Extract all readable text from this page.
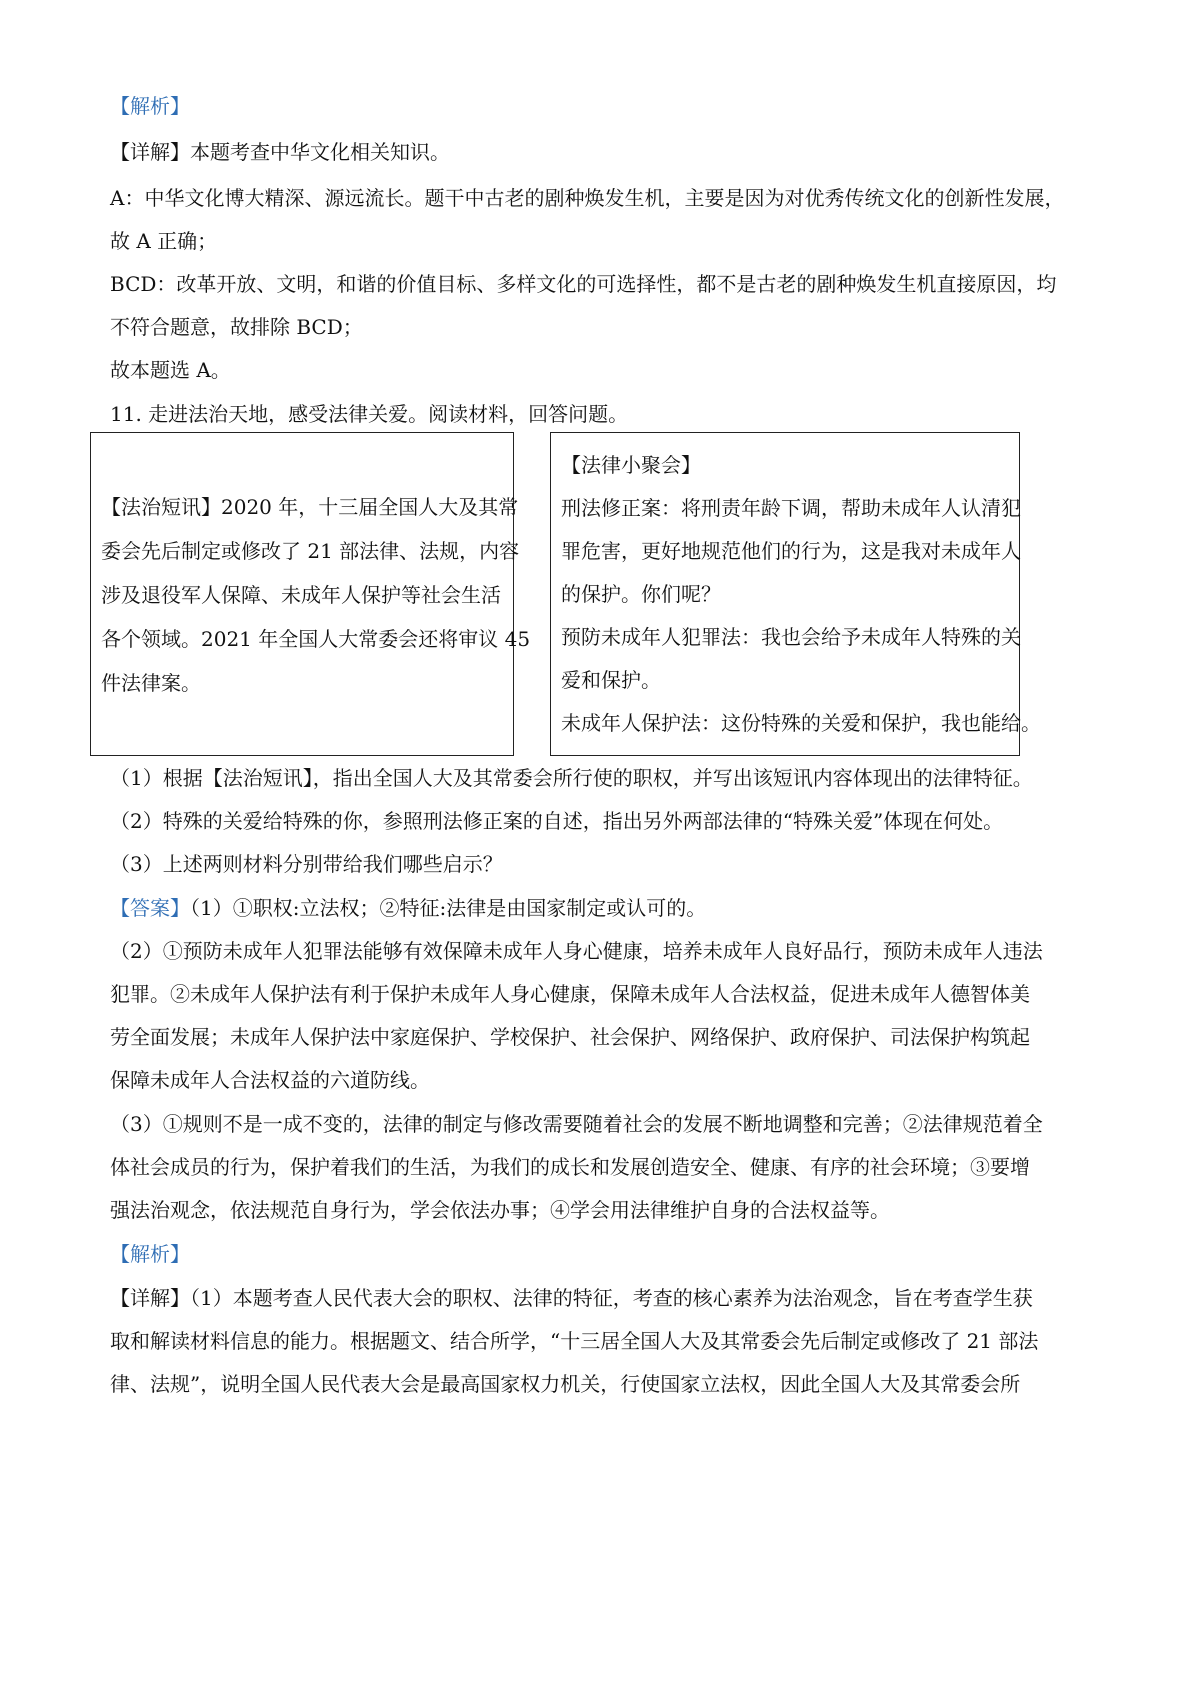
【解析】
【详解】本题考查中华文化相关知识。
A：中华文化博大精深、源远流长。题干中古老的剧种焕发生机，主要是因为对优秀传统文化的创新性发展，
故 A 正确；
BCD：改革开放、文明，和谐的价值目标、多样文化的可选择性，都不是古老的剧种焕发生机直接原因，均
不符合题意，故排除 BCD；
故本题选 A。
11. 走进法治天地，感受法律关爱。阅读材料，回答问题。
【法治短讯】2020 年，十三届全国人大及其常
委会先后制定或修改了 21 部法律、法规，内容
涉及退役军人保障、未成年人保护等社会生活
各个领域。2021 年全国人大常委会还将审议 45
件法律案。
【法律小聚会】
刑法修正案：将刑责年龄下调，帮助未成年人认清犯
罪危害，更好地规范他们的行为，这是我对未成年人
的保护。你们呢？
预防未成年人犯罪法：我也会给予未成年人特殊的关
爱和保护。
未成年人保护法：这份特殊的关爱和保护，我也能给。
（1）根据【法治短讯】，指出全国人大及其常委会所行使的职权，并写出该短讯内容体现出的法律特征。
（2）特殊的关爱给特殊的你，参照刑法修正案的自述，指出另外两部法律的“特殊关爱”体现在何处。
（3）上述两则材料分别带给我们哪些启示？
【答案】（1）①职权:立法权；②特征:法律是由国家制定或认可的。
（2）①预防未成年人犯罪法能够有效保障未成年人身心健康，培养未成年人良好品行，预防未成年人违法
犯罪。②未成年人保护法有利于保护未成年人身心健康，保障未成年人合法权益，促进未成年人德智体美
劳全面发展；未成年人保护法中家庭保护、学校保护、社会保护、网络保护、政府保护、司法保护构筑起
保障未成年人合法权益的六道防线。
（3）①规则不是一成不变的，法律的制定与修改需要随着社会的发展不断地调整和完善；②法律规范着全
体社会成员的行为，保护着我们的生活，为我们的成长和发展创造安全、健康、有序的社会环境；③要增
强法治观念，依法规范自身行为，学会依法办事；④学会用法律维护自身的合法权益等。
【解析】
【详解】（1）本题考查人民代表大会的职权、法律的特征，考查的核心素养为法治观念，旨在考查学生获
取和解读材料信息的能力。根据题文、结合所学，“十三居全国人大及其常委会先后制定或修改了 21 部法
律、法规”，说明全国人民代表大会是最高国家权力机关，行使国家立法权，因此全国人大及其常委会所
